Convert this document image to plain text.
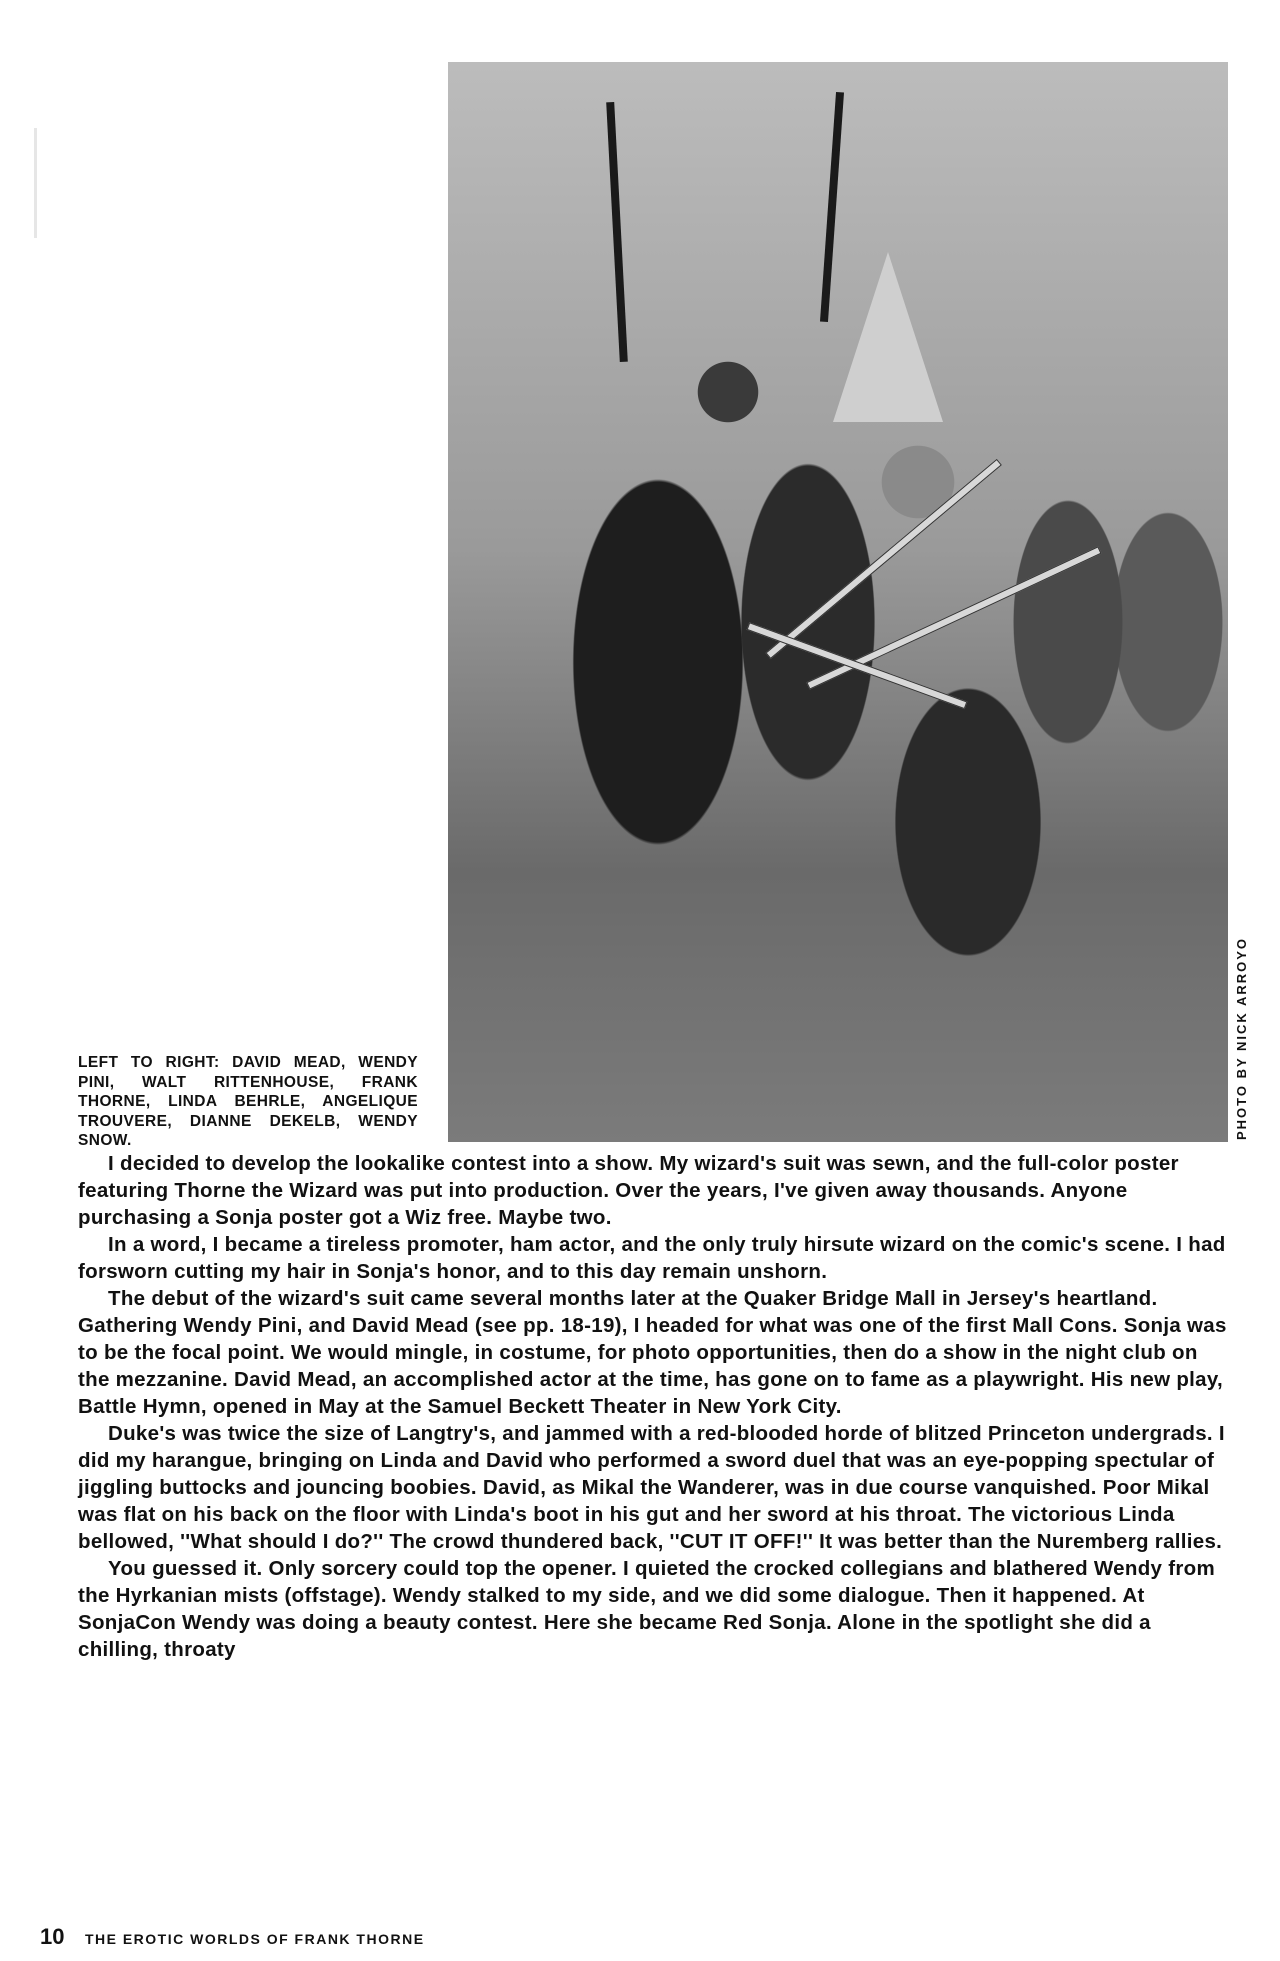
PHOTO BY NICK ARROYO
LEFT TO RIGHT: DAVID MEAD, WENDY PINI, WALT RITTENHOUSE, FRANK THORNE, LINDA BEHRLE, ANGELIQUE TROUVERE, DIANNE DEKELB, WENDY SNOW.

I decided to develop the lookalike contest into a show. My wizard's suit was sewn, and the full-color poster featuring Thorne the Wizard was put into production. Over the years, I've given away thousands. Anyone purchasing a Sonja poster got a Wiz free. Maybe two.

In a word, I became a tireless promoter, ham actor, and the only truly hirsute wizard on the comic's scene. I had forsworn cutting my hair in Sonja's honor, and to this day remain unshorn.

The debut of the wizard's suit came several months later at the Quaker Bridge Mall in Jersey's heartland. Gathering Wendy Pini, and David Mead (see pp. 18-19), I headed for what was one of the first Mall Cons. Sonja was to be the focal point. We would mingle, in costume, for photo opportunities, then do a show in the night club on the mezzanine. David Mead, an accomplished actor at the time, has gone on to fame as a playwright. His new play, Battle Hymn, opened in May at the Samuel Beckett Theater in New York City.

Duke's was twice the size of Langtry's, and jammed with a red-blooded horde of blitzed Princeton undergrads. I did my harangue, bringing on Linda and David who performed a sword duel that was an eye-popping spectular of jiggling buttocks and jouncing boobies. David, as Mikal the Wanderer, was in due course vanquished. Poor Mikal was flat on his back on the floor with Linda's boot in his gut and her sword at his throat. The victorious Linda bellowed, ''What should I do?'' The crowd thundered back, ''CUT IT OFF!'' It was better than the Nuremberg rallies.

You guessed it. Only sorcery could top the opener. I quieted the crocked collegians and blathered Wendy from the Hyrkanian mists (offstage). Wendy stalked to my side, and we did some dialogue. Then it happened. At SonjaCon Wendy was doing a beauty contest. Here she became Red Sonja. Alone in the spotlight she did a chilling, throaty

10 THE EROTIC WORLDS OF FRANK THORNE
